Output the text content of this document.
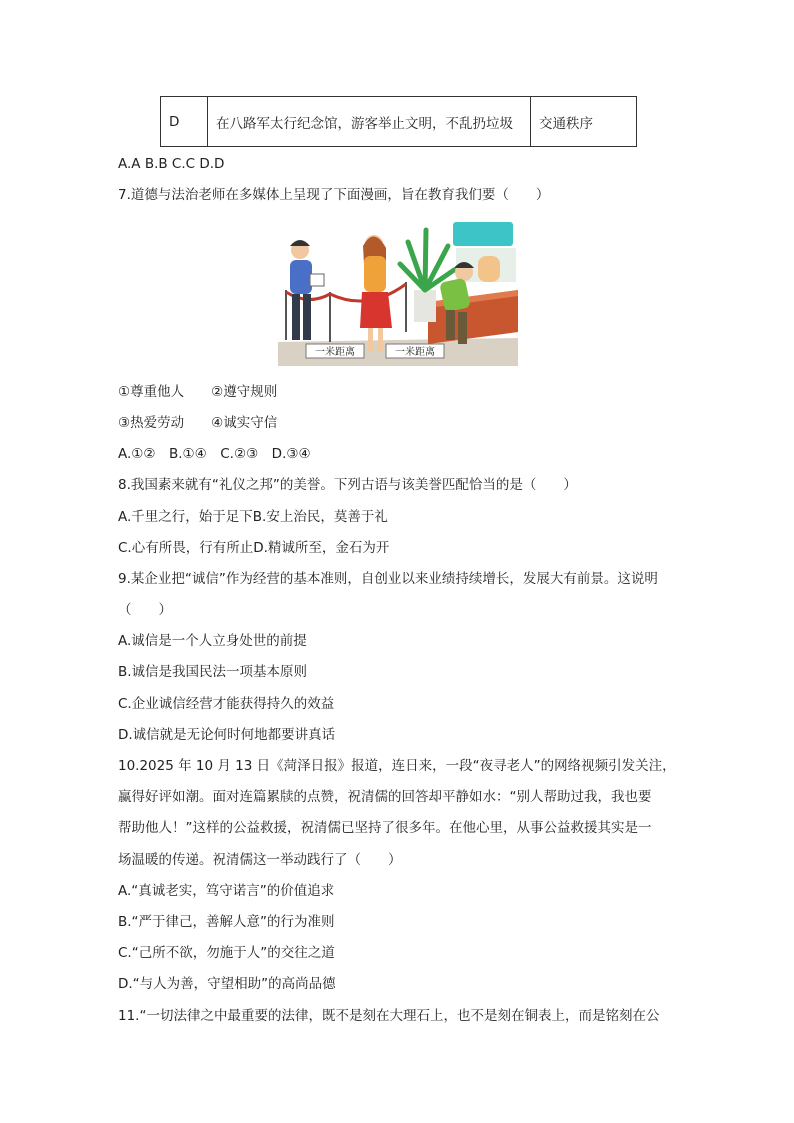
D	在八路军太行纪念馆，游客举止文明，不乱扔垃圾	交通秩序
A.A B.B C.C D.D
7.道德与法治老师在多媒体上呈现了下面漫画，旨在教育我们要（　　）
一米距离	一米距离
①尊重他人　　②遵守规则
③热爱劳动　　④诚实守信
A.①②　B.①④　C.②③　D.③④
8.我国素来就有“礼仪之邦”的美誉。下列古语与该美誉匹配恰当的是（　　）
A.千里之行，始于足下B.安上治民，莫善于礼
C.心有所畏，行有所止D.精诚所至，金石为开
9.某企业把“诚信”作为经营的基本准则，自创业以来业绩持续增长，发展大有前景。这说明
（　　）
A.诚信是一个人立身处世的前提
B.诚信是我国民法一项基本原则
C.企业诚信经营才能获得持久的效益
D.诚信就是无论何时何地都要讲真话
10.2025 年 10 月 13 日《菏泽日报》报道，连日来，一段“夜寻老人”的网络视频引发关注，
赢得好评如潮。面对连篇累牍的点赞，祝清儒的回答却平静如水：“别人帮助过我，我也要
帮助他人！”这样的公益救援，祝清儒已坚持了很多年。在他心里，从事公益救援其实是一
场温暖的传递。祝清儒这一举动践行了（　　）
A.“真诚老实，笃守诺言”的价值追求
B.“严于律己，善解人意”的行为准则
C.“己所不欲，勿施于人”的交往之道
D.“与人为善，守望相助”的高尚品德
11.“一切法律之中最重要的法律，既不是刻在大理石上，也不是刻在铜表上，而是铭刻在公
